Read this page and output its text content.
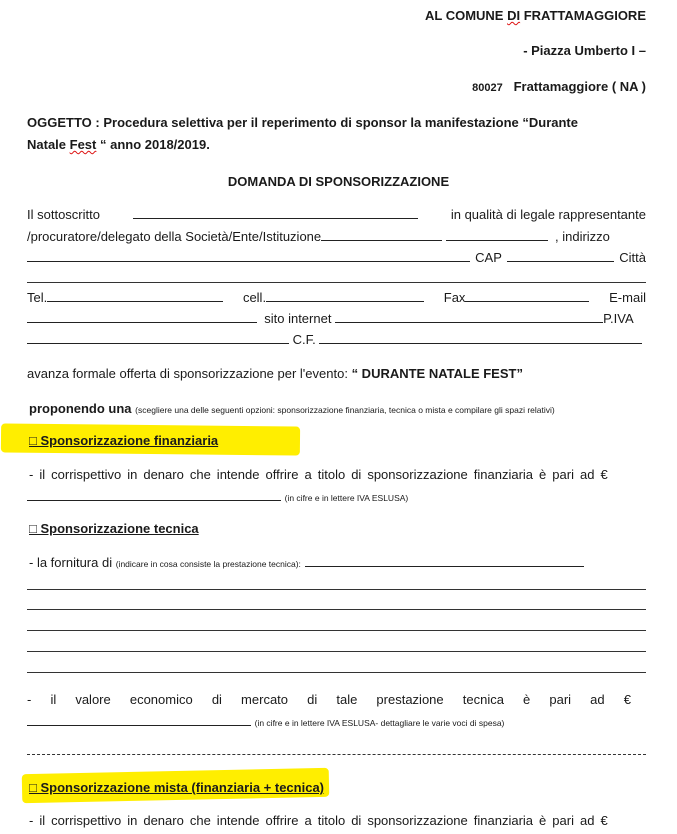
AL COMUNE DI FRATTAMAGGIORE
- Piazza Umberto I –
80027 Frattamaggiore ( NA )
OGGETTO : Procedura selettiva per il reperimento di sponsor la manifestazione “Durante
Natale Fest “ anno 2018/2019.
DOMANDA DI SPONSORIZZAZIONE
Il sottoscritto	in qualità di legale rappresentante
/procuratore/delegato della Società/Ente/Istituzione	, indirizzo
CAP	Città
Tel.	cell.	Fax	E-mail
sito internet	P.IVA
C.F.
avanza formale offerta di sponsorizzazione per l'evento: “ DURANTE NATALE FEST”
proponendo una (scegliere una delle seguenti opzioni: sponsorizzazione finanziaria, tecnica o mista e compilare gli spazi relativi)
□ Sponsorizzazione finanziaria
- il corrispettivo in denaro che intende offrire a titolo di sponsorizzazione finanziaria è pari ad €
(in cifre e in lettere IVA ESLUSA)
□ Sponsorizzazione tecnica
- la fornitura di (indicare in cosa consiste la prestazione tecnica):
- il valore economico di mercato di tale prestazione tecnica è pari ad €
(in cifre e in lettere IVA ESLUSA- dettagliare le varie voci di spesa)
□ Sponsorizzazione mista (finanziaria + tecnica)
- il corrispettivo in denaro che intende offrire a titolo di sponsorizzazione finanziaria è pari ad €
